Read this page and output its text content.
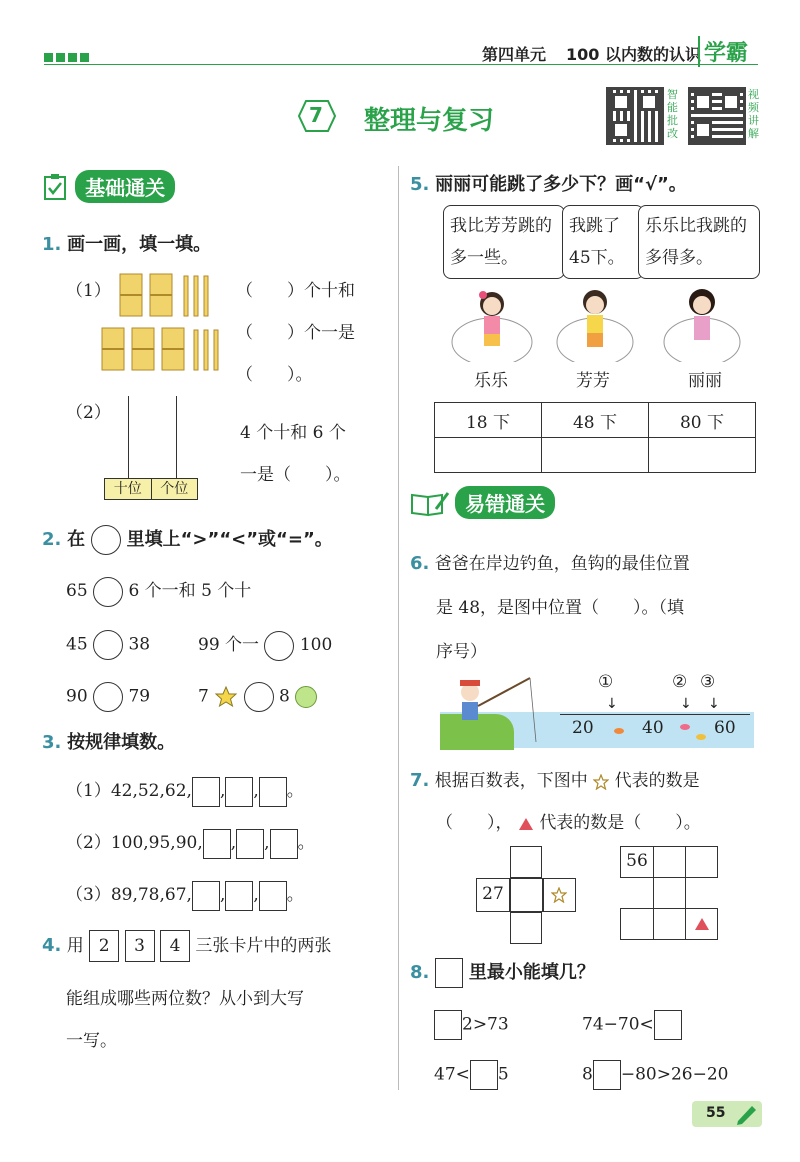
第四单元 100 以内数的认识 学霸
7 整理与复习
智能批改
视频讲解
基础通关
1. 画一画，填一填。
（1）	（　　）个十和
（　　）个一是
（　　）。
（2）
十位	个位
4 个十和 6 个
一是（　　）。
2. 在 里填上“>”“<”或“=”。
65 6 个一和 5 个十
45 38	99 个一 100
90 79	7	8
3. 按规律填数。
（1）42,52,62, , , 。
（2）100,95,90, , , 。
（3）89,78,67, , , 。
4. 用 2 3 4 三张卡片中的两张
能组成哪些两位数？从小到大写
一写。
5. 丽丽可能跳了多少下？画“√”。
我比芳芳跳的多一些。
我跳了45下。
乐乐比我跳的多得多。
乐乐	芳芳	丽丽
18 下	48 下	80 下

易错通关
6. 爸爸在岸边钓鱼，鱼钩的最佳位置
是 48，是图中位置（　　）。（填
序号）
①	② ③
↓	↓ ↓
20	40	60
7. 根据百数表，下图中 代表的数是
（　　）， 代表的数是（　　）。
27
56
8. 里最小能填几？
2>73	74−70<
47< 5	8 −80>26−20
55
